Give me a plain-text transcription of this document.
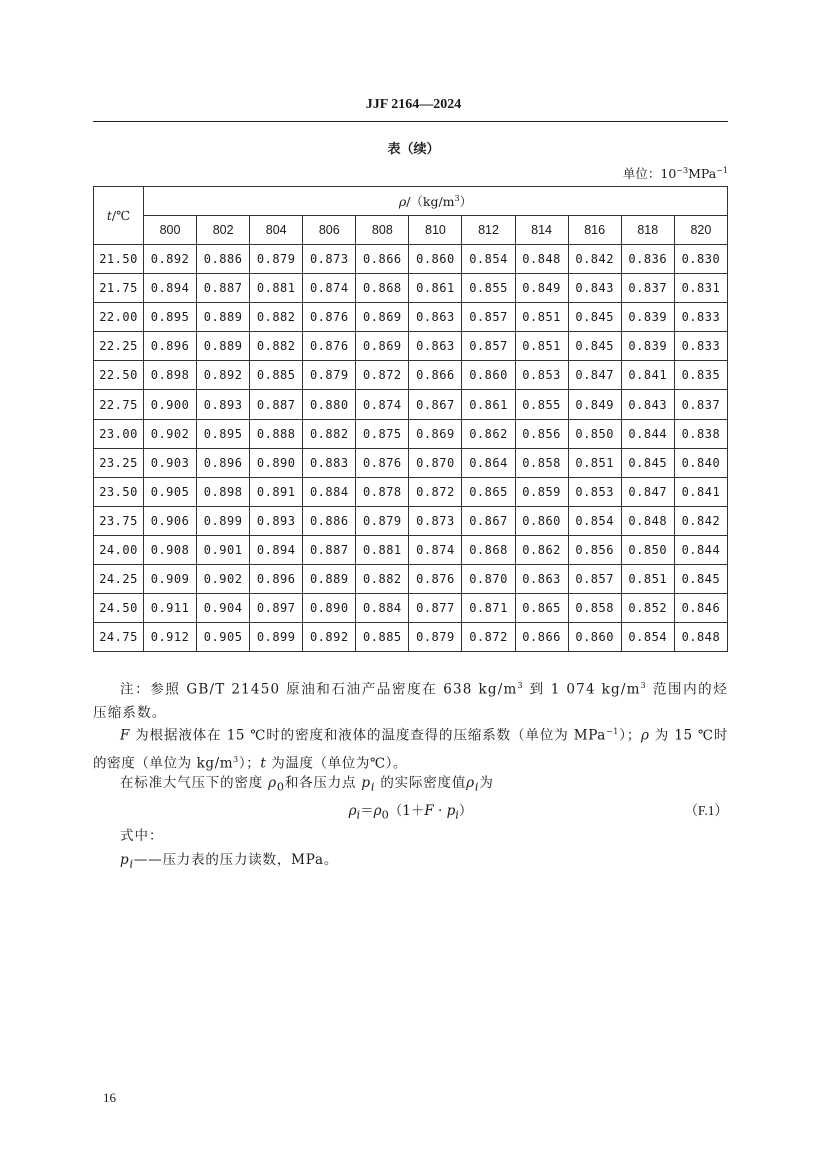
JJF 2164—2024
表（续）
单位：$10^{-3}MPa^{-1}$
t/℃	$\rho/(kg/m^3)$										
	800	802	804	806	808	810	812	814	816	818	820
21.50	0.892	0.886	0.879	0.873	0.866	0.860	0.854	0.848	0.842	0.836	0.830
21.75	0.894	0.887	0.881	0.874	0.868	0.861	0.855	0.849	0.843	0.837	0.831
22.00	0.895	0.889	0.882	0.876	0.869	0.863	0.857	0.851	0.845	0.839	0.833
22.25	0.896	0.889	0.882	0.876	0.869	0.863	0.857	0.851	0.845	0.839	0.833
22.50	0.898	0.892	0.885	0.879	0.872	0.866	0.860	0.853	0.847	0.841	0.835
22.75	0.900	0.893	0.887	0.880	0.874	0.867	0.861	0.855	0.849	0.843	0.837
23.00	0.902	0.895	0.888	0.882	0.875	0.869	0.862	0.856	0.850	0.844	0.838
23.25	0.903	0.896	0.890	0.883	0.876	0.870	0.864	0.858	0.851	0.845	0.840
23.50	0.905	0.898	0.891	0.884	0.878	0.872	0.865	0.859	0.853	0.847	0.841
23.75	0.906	0.899	0.893	0.886	0.879	0.873	0.867	0.860	0.854	0.848	0.842
24.00	0.908	0.901	0.894	0.887	0.881	0.874	0.868	0.862	0.856	0.850	0.844
24.25	0.909	0.902	0.896	0.889	0.882	0.876	0.870	0.863	0.857	0.851	0.845
24.50	0.911	0.904	0.897	0.890	0.884	0.877	0.871	0.865	0.858	0.852	0.846
24.75	0.912	0.905	0.899	0.892	0.885	0.879	0.872	0.866	0.860	0.854	0.848
注：参照 GB/T 21450 原油和石油产品密度在 638 $kg/m^3$ 到 1 074 $kg/m^3$ 范围内的烃压缩系数。
F 为根据液体在 15 ℃时的密度和液体的温度查得的压缩系数（单位为 MPa$^{-1}$）；ρ 为 15 ℃时的密度（单位为 $kg/m^3$）；t 为温度（单位为℃）。
在标准大气压下的密度 $\rho_0$和各压力点 $p_i$ 的实际密度值$\rho_i$为
$\rho_i=\rho_0(1+F \cdot p_i)$	（F.1）
式中：
$p_i——$压力表的压力读数，MPa。
16
